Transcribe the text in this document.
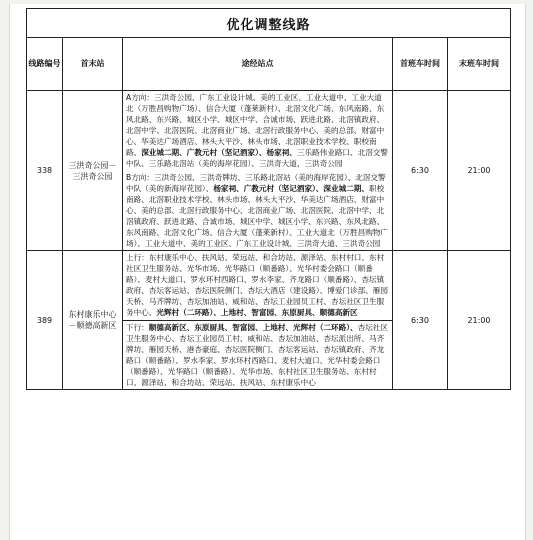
优化调整线路				
线路编号	首末站	途经站点	首班车时间	末班车时间
338	三洪奇公园－三洪奇公园	A方向：三洪奇公园、广东工业设计城、美的工业区、工业大道中、工业大道北（万胜昌购物广场）、信合大厦（蓬莱新村）、北滘文化广场、东风南路、东风北路、东兴路、城区小学、城区中学、合诚市场、跃进北路、北滘镇政府、北滘中学、北滘医院、北滘商业广场、北滘行政服务中心、美的总部、财富中心、华美达广场酒店、林头大平沙、林头市场、北滘职业技术学校、职校南路、深业城二期、广教元村（坚记酒家）、杨家祠、三乐路伟业路口、北滘交警中队、三乐路北滘站（美的海岸花园）、三洪奇大道、三洪奇公园
B方向：三洪奇公园、三洪奇牌坊、三乐路北滘站（美的海岸花园）、北滘交警中队（美的新海岸花园）、杨家祠、广教元村（坚记酒家）、深业城二期、职校南路、北滘职业技术学校、林头市场、林头大平沙、华美达广场酒店、财富中心、美的总部、北滘行政服务中心、北滘商业广场、北滘医院、北滘中学、北滘镇政府、跃进北路、合诚市场、城区中学、城区小学、东兴路、东风北路、东风南路、北滘文化广场、信合大厦（蓬莱新村）、工业大道北（万胜昌购物广场）、工业大道中、美的工业区、广东工业设计城、三洪奇大道、三洪奇公园	6:30	21:00
389	东村康乐中心－顺德高新区	上行：东村康乐中心、扶风站、荣远站、和合坊站、源泽站、东村村口、东村社区卫生服务站、光华市场、光华路口（顺番路）、光华村委会路口（顺番路）、麦村大道口、罗水环村西路口、罗水李家、齐龙路口（顺番路）、杏坛镇政府、杏坛客运站、杏坛医院侧门、杏坛大酒店（建设路）、博爱门诊部、雁园天桥、马齐牌坊、杏坛加油站、威和站、杏坛工业园员工村、杏坛社区卫生服务中心、光辉村（二环路）、上地村、智富园、东原厨具、顺德高新区
下行：顺德高新区、东原厨具、智富园、上地村、光辉村（二环路）、杏坛社区卫生服务中心、杏坛工业园员工村、威和站、杏坛加油站、杏坛派出所、马齐牌坊、雁园天桥、港杏豪庭、杏坛医院侧门、杏坛客运站、杏坛镇政府、齐龙路口（顺番路）、罗水李家、罗水环村西路口、麦村大道口、光华村委会路口（顺番路）、光华路口（顺番路）、光华市场、东村社区卫生服务站、东村村口、源泽站、和合坊站、荣远站、扶风站、东村康乐中心	6:30	21:00
